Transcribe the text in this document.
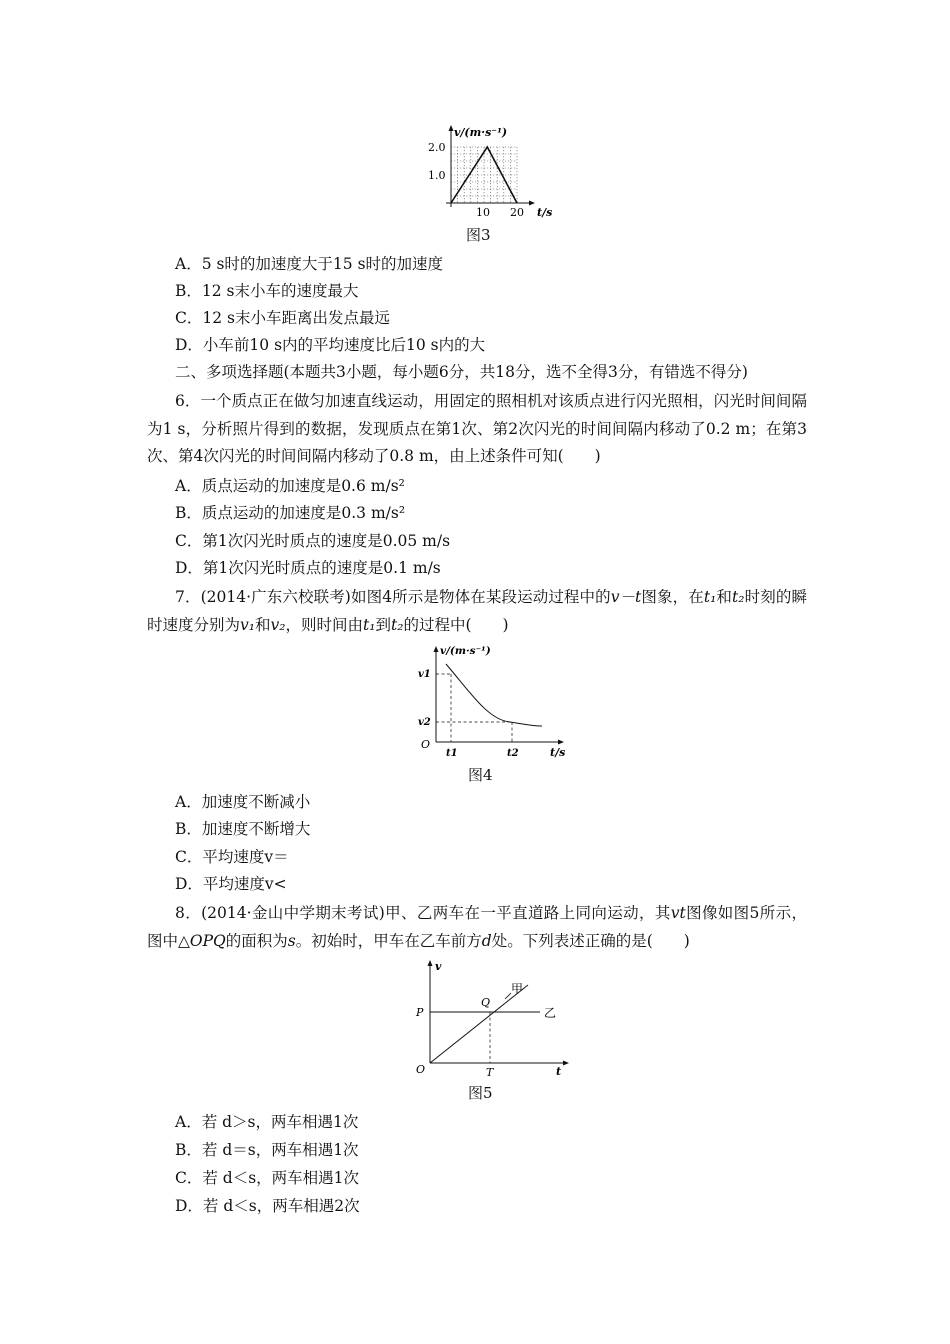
v/(m·s⁻¹)
2.0
1.0
10 20 t/s
图3
A．5 s时的加速度大于15 s时的加速度
B．12 s末小车的速度最大
C．12 s末小车距离出发点最远
D．小车前10 s内的平均速度比后10 s内的大
二、多项选择题(本题共3小题，每小题6分，共18分，选不全得3分，有错选不得分)
6．一个质点正在做匀加速直线运动，用固定的照相机对该质点进行闪光照相，闪光时间间隔为1 s，分析照片得到的数据，发现质点在第1次、第2次闪光的时间间隔内移动了0.2 m；在第3次、第4次闪光的时间间隔内移动了0.8 m，由上述条件可知(　　)
A．质点运动的加速度是0.6 m/s²
B．质点运动的加速度是0.3 m/s²
C．第1次闪光时质点的速度是0.05 m/s
D．第1次闪光时质点的速度是0.1 m/s
7．(2014·广东六校联考)如图4所示是物体在某段运动过程中的v－t图象，在t₁和t₂时刻的瞬时速度分别为v₁和v₂，则时间由t₁到t₂的过程中(　　)
v/(m·s⁻¹)
v1
v2
O
t1	t2	t/s
图4
A．加速度不断减小
B．加速度不断增大
C．平均速度v＝
D．平均速度v<
8．(2014·金山中学期末考试)甲、乙两车在一平直道路上同向运动，其vt图像如图5所示，图中△OPQ的面积为s。初始时，甲车在乙车前方d处。下列表述正确的是(　　)
v
P
Q
O	T	t
甲
乙
图5
A．若 d＞s，两车相遇1次
B．若 d＝s，两车相遇1次
C．若 d＜s，两车相遇1次
D．若 d＜s，两车相遇2次
